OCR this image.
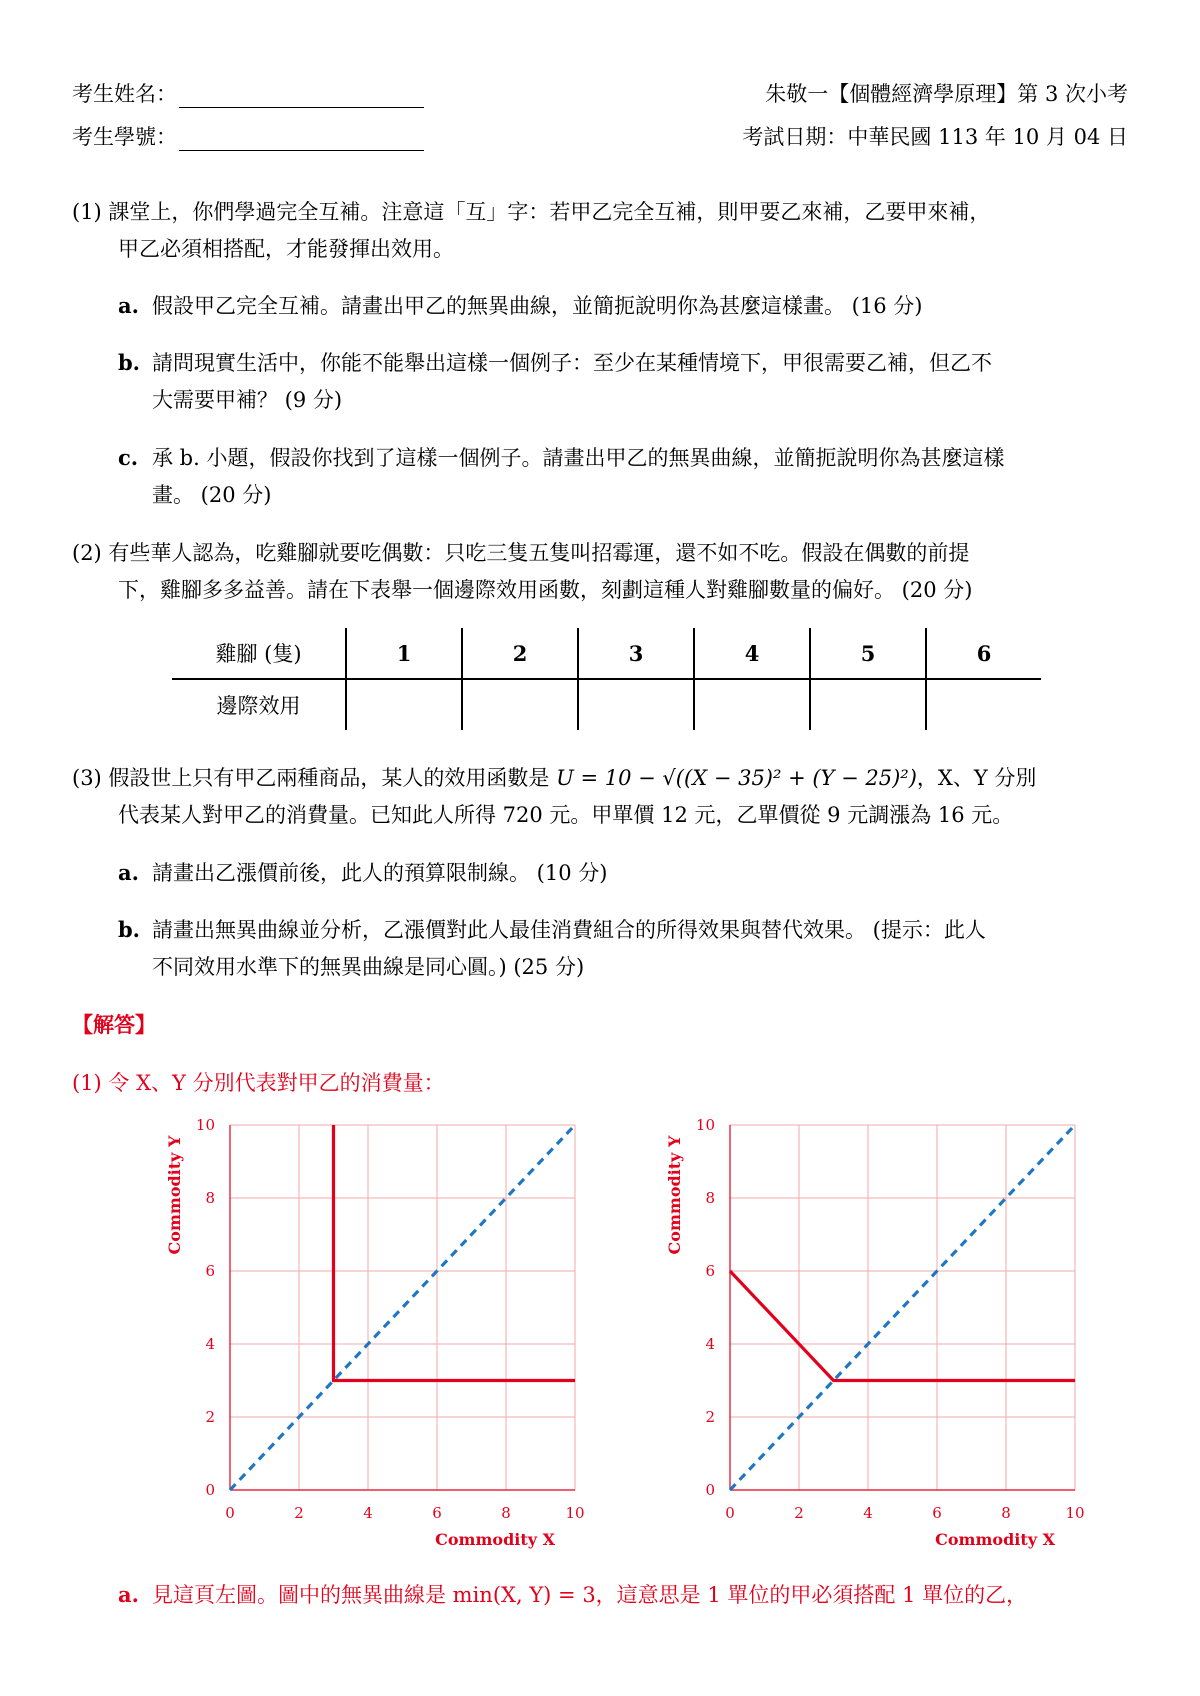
考生姓名：
考生學號：
朱敬一【個體經濟學原理】第 3 次小考
考試日期：中華民國 113 年 10 月 04 日
(1) 課堂上，你們學過完全互補。注意這「互」字：若甲乙完全互補，則甲要乙來補，乙要甲來補，
甲乙必須相搭配，才能發揮出效用。
a. 假設甲乙完全互補。請畫出甲乙的無異曲線，並簡扼說明你為甚麼這樣畫。 (16 分)
b. 請問現實生活中，你能不能舉出這樣一個例子：至少在某種情境下，甲很需要乙補，但乙不
大需要甲補？ (9 分)
c. 承 b. 小題，假設你找到了這樣一個例子。請畫出甲乙的無異曲線，並簡扼說明你為甚麼這樣
畫。 (20 分)
(2) 有些華人認為，吃雞腳就要吃偶數：只吃三隻五隻叫招霉運，還不如不吃。假設在偶數的前提
下，雞腳多多益善。請在下表舉一個邊際效用函數，刻劃這種人對雞腳數量的偏好。 (20 分)
雞腳 (隻)	1	2	3	4	5	6
邊際效用						
(3) 假設世上只有甲乙兩種商品，某人的效用函數是 U = 10 − √((X − 35)² + (Y − 25)²)，X、Y 分別
代表某人對甲乙的消費量。已知此人所得 720 元。甲單價 12 元，乙單價從 9 元調漲為 16 元。
a. 請畫出乙漲價前後，此人的預算限制線。 (10 分)
b. 請畫出無異曲線並分析，乙漲價對此人最佳消費組合的所得效果與替代效果。 (提示：此人
不同效用水準下的無異曲線是同心圓。) (25 分)
【解答】
(1) 令 X、Y 分別代表對甲乙的消費量：
0	2	4	6	8	10
0
2
4
6
8
10
Commodity X
Commodity Y
0	2	4	6	8	10
0
2
4
6
8
10
Commodity X
Commodity Y
a. 見這頁左圖。圖中的無異曲線是 min(X, Y) = 3，這意思是 1 單位的甲必須搭配 1 單位的乙，
